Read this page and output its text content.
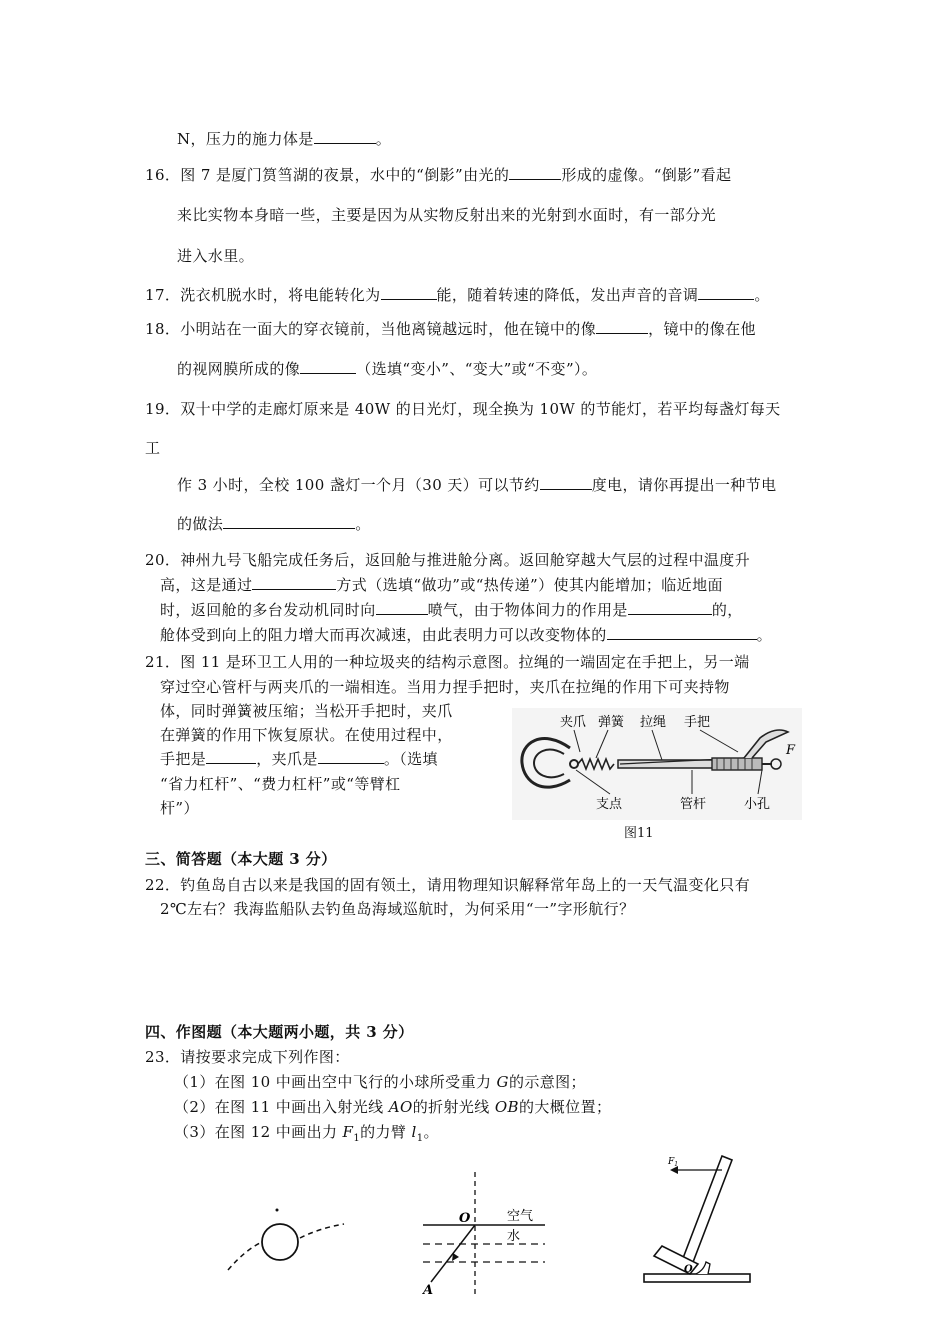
N，压力的施力体是	。
16．图 7 是厦门筼筜湖的夜景，水中的“倒影”由光的	形成的虚像。“倒影”看起
来比实物本身暗一些，主要是因为从实物反射出来的光射到水面时，有一部分光
进入水里。
17．洗衣机脱水时，将电能转化为	能，随着转速的降低，发出声音的音调	。
18．小明站在一面大的穿衣镜前，当他离镜越远时，他在镜中的像	，镜中的像在他
的视网膜所成的像	（选填“变小”、“变大”或“不变”）。
19．双十中学的走廊灯原来是 40W 的日光灯，现全换为 10W 的节能灯，若平均每盏灯每天
工
作 3 小时，全校 100 盏灯一个月（30 天）可以节约	度电，请你再提出一种节电
的做法	。
20．神州九号飞船完成任务后，返回舱与推进舱分离。返回舱穿越大气层的过程中温度升
高，这是通过	方式（选填“做功”或“热传递”）使其内能增加；临近地面
时，返回舱的多台发动机同时向	喷气，由于物体间力的作用是	的，
舱体受到向上的阻力增大而再次减速，由此表明力可以改变物体的	。
21．图 11 是环卫工人用的一种垃圾夹的结构示意图。拉绳的一端固定在手把上，另一端
穿过空心管杆与两夹爪的一端相连。当用力捏手把时，夹爪在拉绳的作用下可夹持物
体，同时弹簧被压缩；当松开手把时，夹爪
在弹簧的作用下恢复原状。在使用过程中，
手把是	，夹爪是	。（选填
“省力杠杆”、“费力杠杆”或“等臂杠
杆”）
夹爪 弹簧 拉绳 手把
F
支点	管杆	小孔
图11
三、简答题（本大题 3 分）
22．钓鱼岛自古以来是我国的固有领土，请用物理知识解释常年岛上的一天气温变化只有
2℃左右？我海监船队去钓鱼岛海域巡航时，为何采用“一”字形航行？
四、作图题（本大题两小题，共 3 分）
23．请按要求完成下列作图：
（1）在图 10 中画出空中飞行的小球所受重力 G的示意图；
（2）在图 11 中画出入射光线 AO的折射光线 OB的大概位置；
（3）在图 12 中画出力 $F_1$的力臂 $l_1$。
O	空气
水
A
$F_1$
O
